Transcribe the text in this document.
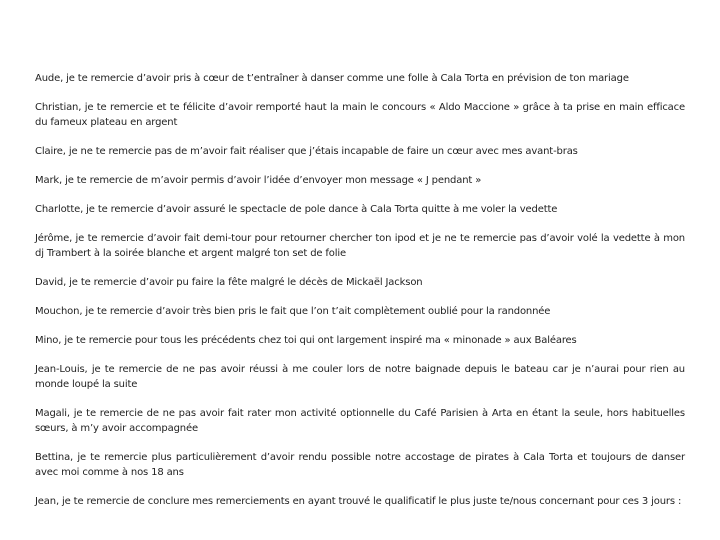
Aude, je te remercie d’avoir pris à cœur de t’entraîner à danser comme une folle à Cala Torta en prévision de ton mariage

Christian, je te remercie et te félicite d’avoir remporté haut la main le concours « Aldo Maccione » grâce à ta prise en main efficace du fameux plateau en argent

Claire, je ne te remercie pas de m’avoir fait réaliser que j’étais incapable de faire un cœur avec mes avant-bras

Mark, je te remercie de m’avoir permis d’avoir l’idée d’envoyer mon message « J pendant »

Charlotte, je te remercie d’avoir assuré le spectacle de pole dance à Cala Torta quitte à me voler la vedette

Jérôme, je te remercie d’avoir fait demi-tour pour retourner chercher ton ipod et je ne te remercie pas d’avoir volé la vedette à mon dj Trambert à la soirée blanche et argent malgré ton set de folie

David, je te remercie d’avoir pu faire la fête malgré le décès de Mickaël Jackson

Mouchon, je te remercie d’avoir très bien pris le fait que l’on t’ait complètement oublié pour la randonnée

Mino, je te remercie pour tous les précédents chez toi qui ont largement inspiré ma « minonade » aux Baléares

Jean-Louis, je te remercie de ne pas avoir réussi à me couler lors de notre baignade depuis le bateau car je n’aurai pour rien au monde loupé la suite

Magali, je te remercie de ne pas avoir fait rater mon activité optionnelle du Café Parisien à Arta en étant la seule, hors habituelles sœurs, à m’y avoir accompagnée

Bettina, je te remercie plus particulièrement d’avoir rendu possible notre accostage de pirates à Cala Torta et toujours de danser avec moi comme à nos 18 ans

Jean, je te remercie de conclure mes remerciements en ayant trouvé le qualificatif le plus juste te/nous concernant pour ces 3 jours :
